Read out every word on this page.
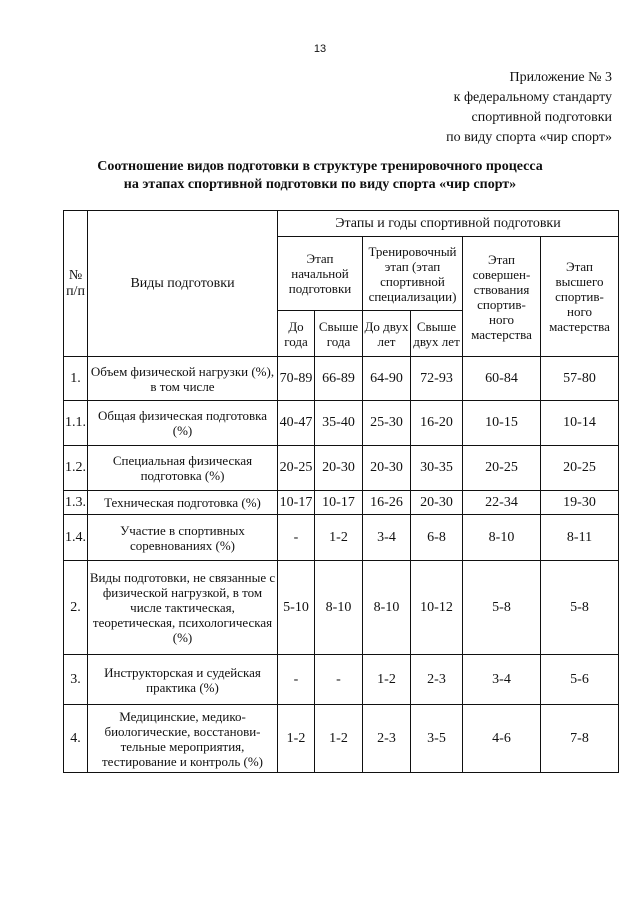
13
Приложение № 3
к федеральному стандарту
спортивной подготовки
по виду спорта «чир спорт»
Соотношение видов подготовки в структуре тренировочного процесса
на этапах спортивной подготовки по виду спорта «чир спорт»
№ п/п	Виды подготовки	Этапы и годы спортивной подготовки					
		Этап начальной подготовки		Тренировочный этап (этап спортивной специализации)		Этап совершен- ствования спортив- ного мастерства	Этап высшего спортив- ного мастерства
		До года	Свыше года	До двух лет	Свыше двух лет		
1.	Объем физической нагрузки (%), в том числе	70-89	66-89	64-90	72-93	60-84	57-80
1.1.	Общая физическая подготовка (%)	40-47	35-40	25-30	16-20	10-15	10-14
1.2.	Специальная физическая подготовка (%)	20-25	20-30	20-30	30-35	20-25	20-25
1.3.	Техническая подготовка (%)	10-17	10-17	16-26	20-30	22-34	19-30
1.4.	Участие в спортивных соревнованиях (%)	-	1-2	3-4	6-8	8-10	8-11
2.	Виды подготовки, не связанные с физической нагрузкой, в том числе тактическая, теоретическая, психологическая (%)	5-10	8-10	8-10	10-12	5-8	5-8
3.	Инструкторская и судейская практика (%)	-	-	1-2	2-3	3-4	5-6
4.	Медицинские, медико-биологические, восстанови-тельные мероприятия, тестирование и контроль (%)	1-2	1-2	2-3	3-5	4-6	7-8
